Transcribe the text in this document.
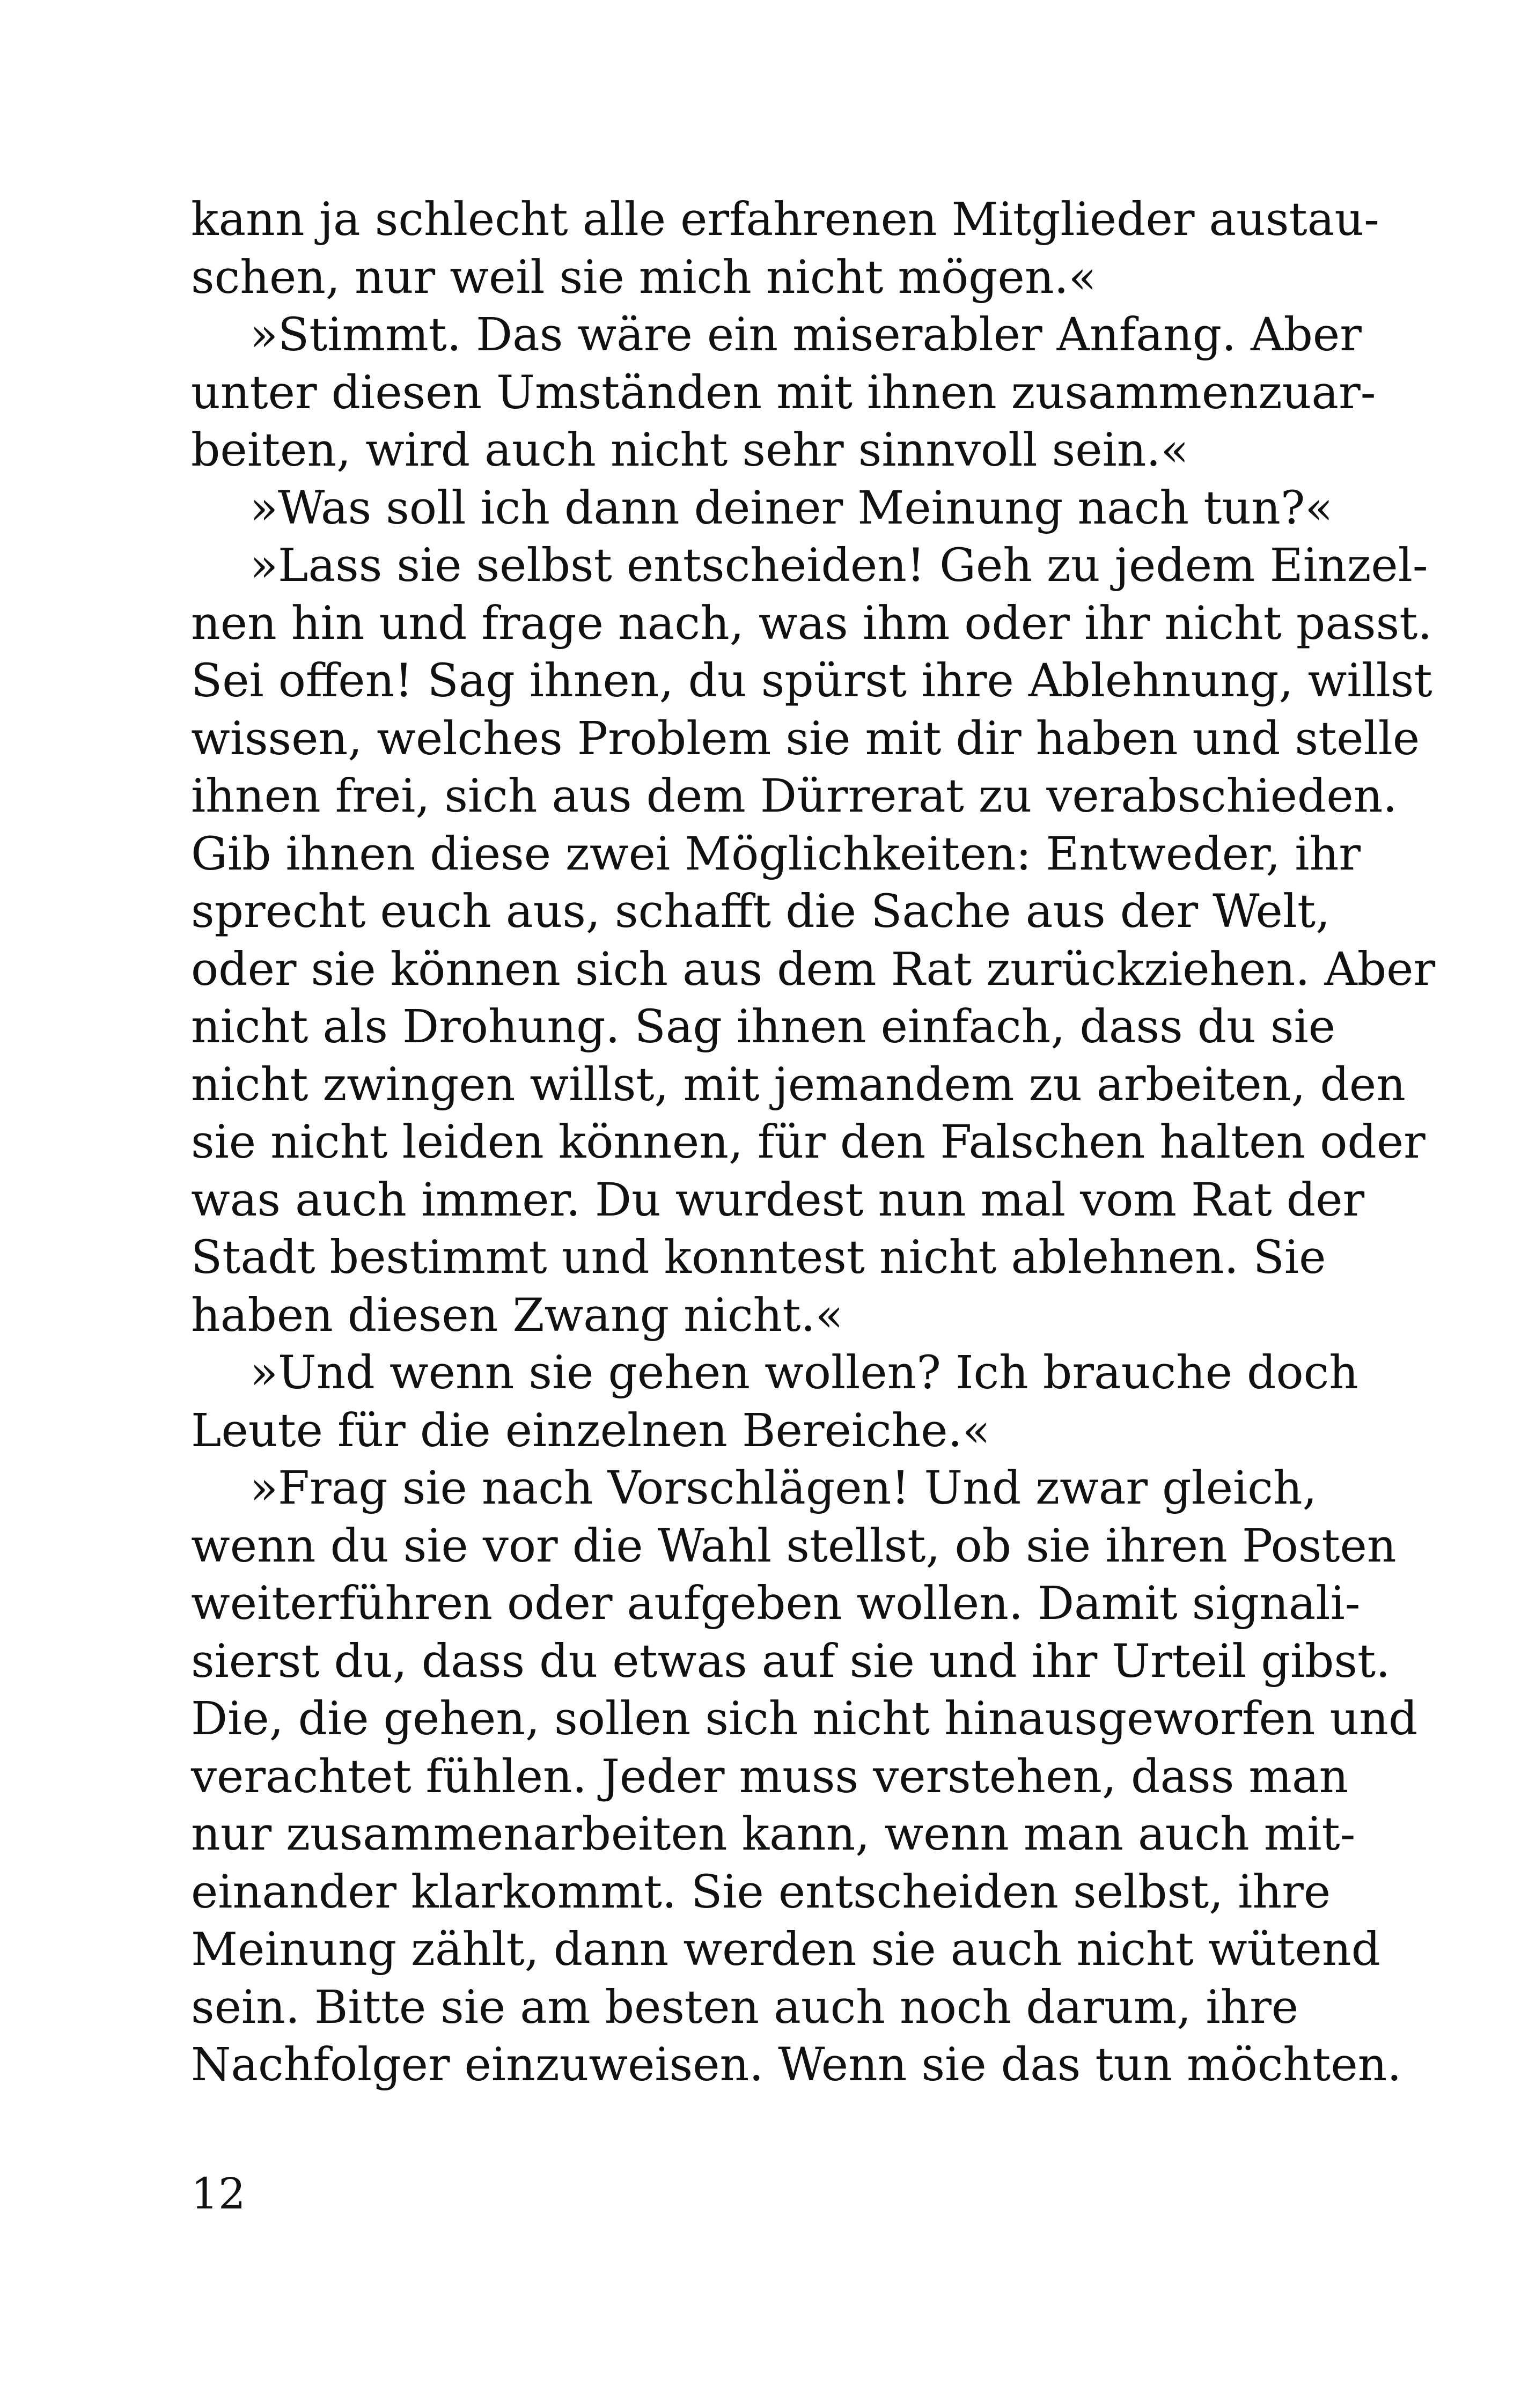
kann ja schlecht alle erfahrenen Mitglieder austau-
schen, nur weil sie mich nicht mögen.«
»Stimmt. Das wäre ein miserabler Anfang. Aber
unter diesen Umständen mit ihnen zusammenzuar-
beiten, wird auch nicht sehr sinnvoll sein.«
»Was soll ich dann deiner Meinung nach tun?«
»Lass sie selbst entscheiden! Geh zu jedem Einzel-
nen hin und frage nach, was ihm oder ihr nicht passt.
Sei offen! Sag ihnen, du spürst ihre Ablehnung, willst
wissen, welches Problem sie mit dir haben und stelle
ihnen frei, sich aus dem Dürrerat zu verabschieden.
Gib ihnen diese zwei Möglichkeiten: Entweder, ihr
sprecht euch aus, schafft die Sache aus der Welt,
oder sie können sich aus dem Rat zurückziehen. Aber
nicht als Drohung. Sag ihnen einfach, dass du sie
nicht zwingen willst, mit jemandem zu arbeiten, den
sie nicht leiden können, für den Falschen halten oder
was auch immer. Du wurdest nun mal vom Rat der
Stadt bestimmt und konntest nicht ablehnen. Sie
haben diesen Zwang nicht.«
»Und wenn sie gehen wollen? Ich brauche doch
Leute für die einzelnen Bereiche.«
»Frag sie nach Vorschlägen! Und zwar gleich,
wenn du sie vor die Wahl stellst, ob sie ihren Posten
weiterführen oder aufgeben wollen. Damit signali-
sierst du, dass du etwas auf sie und ihr Urteil gibst.
Die, die gehen, sollen sich nicht hinausgeworfen und
verachtet fühlen. Jeder muss verstehen, dass man
nur zusammenarbeiten kann, wenn man auch mit-
einander klarkommt. Sie entscheiden selbst, ihre
Meinung zählt, dann werden sie auch nicht wütend
sein. Bitte sie am besten auch noch darum, ihre
Nachfolger einzuweisen. Wenn sie das tun möchten.
12
